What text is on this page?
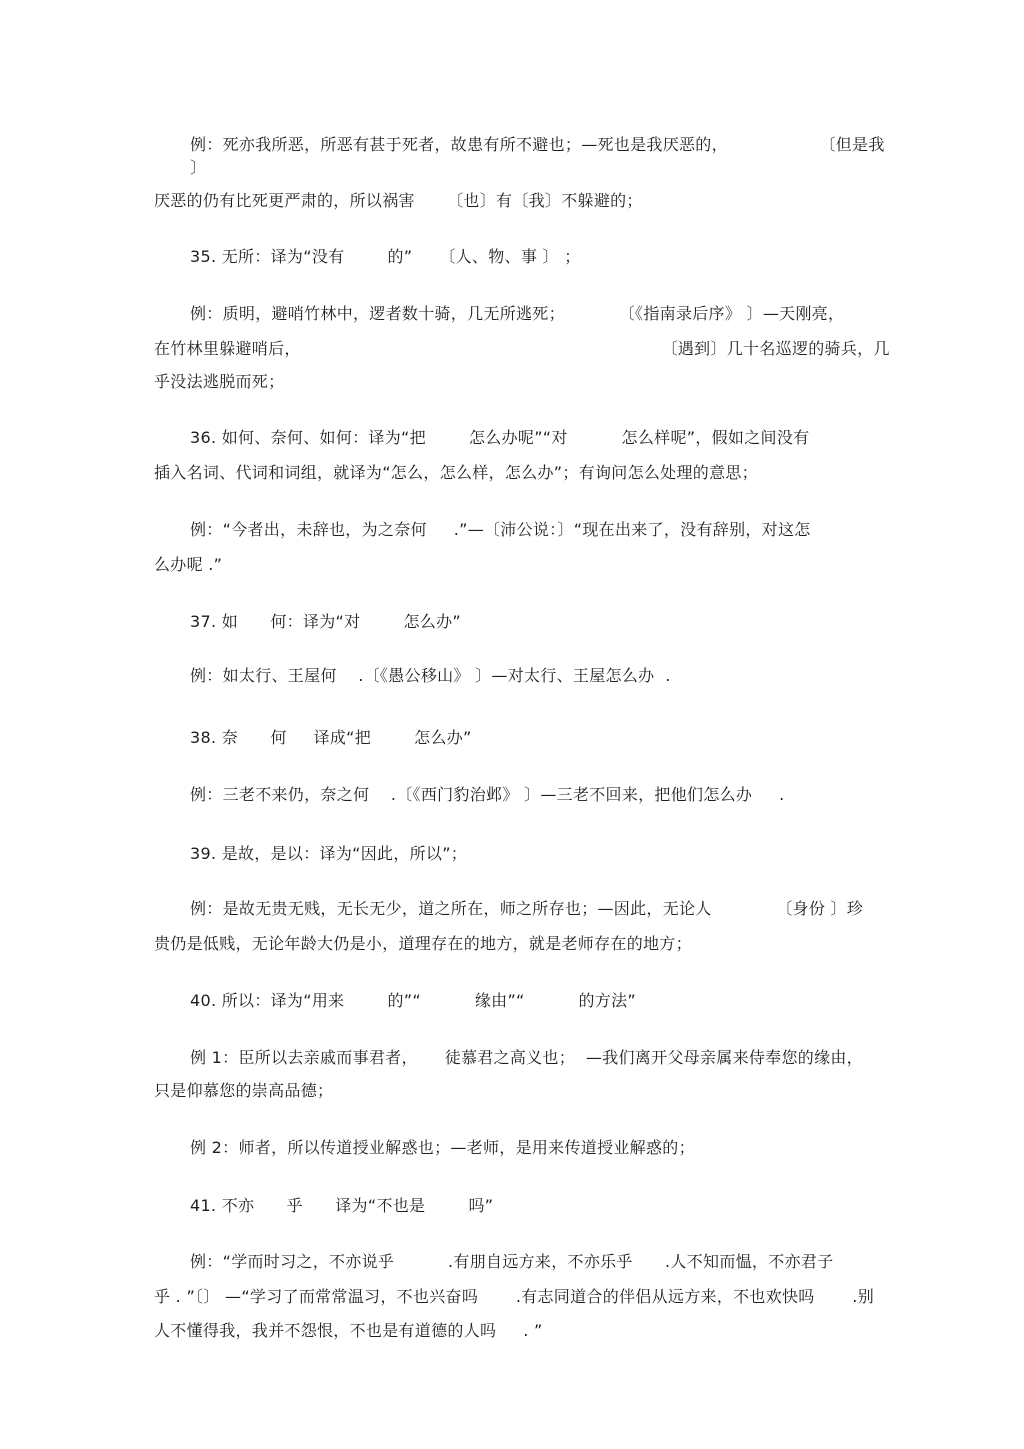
例：死亦我所恶，所恶有甚于死者，故患有所不避也；—死也是我厌恶的，                 〔但是我
〕
厌恶的仍有比死更严肃的，所以祸害      〔也〕有〔我〕不躲避的；
35. 无所：译为“没有        的”     〔人、物、事 〕 ；
例：质明，避哨竹林中，逻者数十骑，几无所逃死；          〔《指南录后序》 〕—天刚亮，
在竹林里躲避哨后，                                                                   〔遇到〕几十名巡逻的骑兵，几
乎没法逃脱而死；
36. 如何、奈何、如何：译为“把        怎么办呢”“对          怎么样呢”，假如之间没有
插入名词、代词和词组，就译为“怎么，怎么样，怎么办”；有询问怎么处理的意思；
例：“今者出，未辞也，为之奈何     .”—〔沛公说：〕“现在出来了，没有辞别，对这怎
么办呢 .”
37. 如      何：译为“对        怎么办”
例：如太行、王屋何    .〔《愚公移山》 〕—对太行、王屋怎么办  .
38. 奈      何     译成“把        怎么办”
例：三老不来仍，奈之何    .〔《西门豹治邺》 〕—三老不回来，把他们怎么办     .
39. 是故，是以：译为“因此，所以”；
例：是故无贵无贱，无长无少，道之所在，师之所存也；—因此，无论人            〔身份 〕珍
贵仍是低贱，无论年龄大仍是小，道理存在的地方，就是老师存在的地方；
40. 所以：译为“用来        的”“          缘由”“          的方法”
例 1：臣所以去亲戚而事君者，     徒慕君之高义也；  —我们离开父母亲属来侍奉您的缘由，
只是仰慕您的崇高品德；
例 2：师者，所以传道授业解惑也；—老师，是用来传道授业解惑的；
41. 不亦      乎      译为“不也是        吗”
例：“学而时习之，不亦说乎          .有朋自远方来，不亦乐乎      .人不知而愠，不亦君子
乎 . ”〔〕 —“学习了而常常温习，不也兴奋吗       .有志同道合的伴侣从远方来，不也欢快吗       .别
人不懂得我，我并不怨恨，不也是有道德的人吗     . ”
